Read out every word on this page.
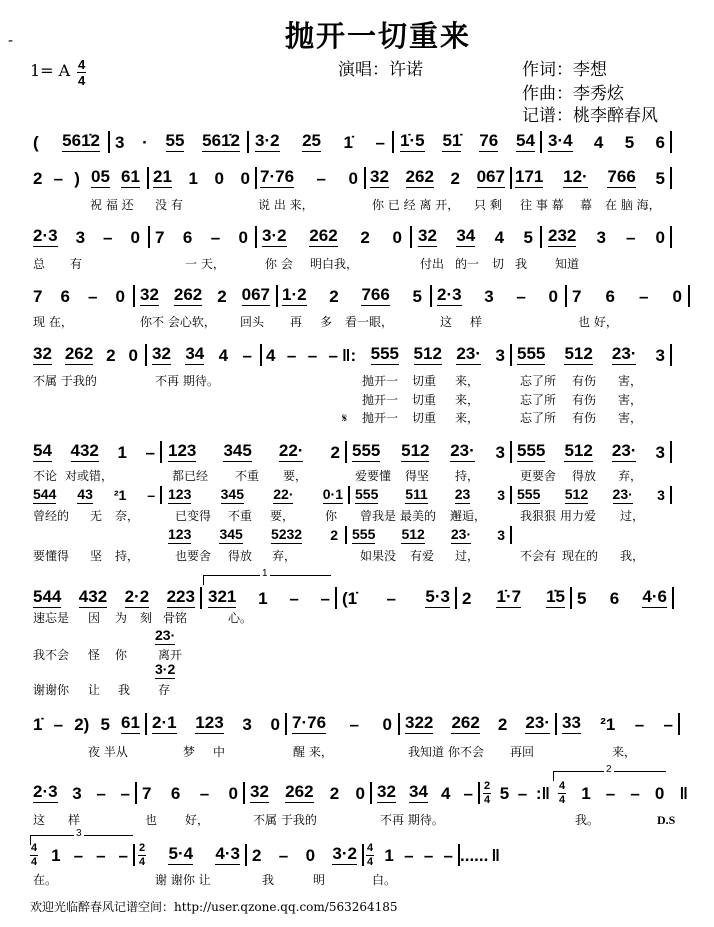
-	抛开一切重来
1= A $\frac{4}{4}$	演唱：许诺	作词：李想
作曲：李秀炫
记谱：桃李醉春风
( 561̇2 3 · 55 561̇2 3·2 25 1̇ – 1̇·5 51̇ 76 54 3·4 4 5 6
2 – ) 05 61 21 1 0 0 7·76 – 0 32 262 2 067 171 12· 766 5
2·3 3 – 0 7 6 – 0 3·2 262 2 0 32 34 4 5 232 3 – 0
7 6 – 0 32 262 2 067 1·2 2 766 5 2·3 3 – 0 7 6 – 0
32 262 2 0 32 34 4 – 4 – – – ‖: 555 512 23· 3 555 512 23· 3
54 432 1 – 123 345 22· 2 555 512 23· 3 555 512 23· 3
544 43 ²1 – 123 345 22· 0·1 555 511 23 3 555 512 23· 3
123 345 5232 2 555 512 23· 3
544 432 2·2 223 321 1 – – (1̇ – 5·3 2 1̇·7 1̇5 5 6 4·6
23·
3·2
1̇ – 2) 5 61 2·1 123 3 0 7·76 – 0 322 262 2 23· 33 ²1 – –
2·3 3 – – 7 6 – 0 32 262 2 0 32 34 $4 - \frac{2}{4} 5$ – :‖ $\frac{4}{4} 1$ – – 0 ‖
$\frac{4}{4} 1$ – – – $\frac{2}{4} 5\cdot 4$ 4·3 2 – 0 $3\cdot 2 \frac{4}{4} 1$ – – – ...... ‖
祝 福 还 没 有	说 出 来，	你 已 经 离 开， 只 剩 往 事 幕 幕 在 脑 海，
总 有	一 天，	你 会 明白我，	付出 的一 切 我 知道
现 在，	你不 会心软， 回头 再 多 看一眼，	这 样	也 好，
不属 于我的	不再 期待。	抛开一 切重 来，	忘了所 有伤 害，
抛开一 切重 来，	忘了所 有伤 害，
𝄋 抛开一 切重 来，	忘了所 有伤 害，
不论 对或错，	都已经 不重 要，	爱要懂 得坚 持，	更要舍 得放 弃，
曾经的 无 奈，	已变得 不重 要，	你 曾我是 最美的 邂逅，	我狠狠 用力爱 过，
要懂得 坚 持，	也要舍 得放 弃，	如果没 有爱 过，	不会有 现在的 我，
速忘是 因 为 刻 骨铭	心。
我不会 怪 你	离开
谢谢你 让 我 存
夜 半从	梦 中	醒 来，	我知道 你不会 再回	来，
这 样	也 好，	不属 于我的	不再 期待。	我。
在。	谢 谢你 让	我	明	白。
1
2
3
D.S
欢迎光临醉春风记谱空间：http://user.qzone.qq.com/563264185
